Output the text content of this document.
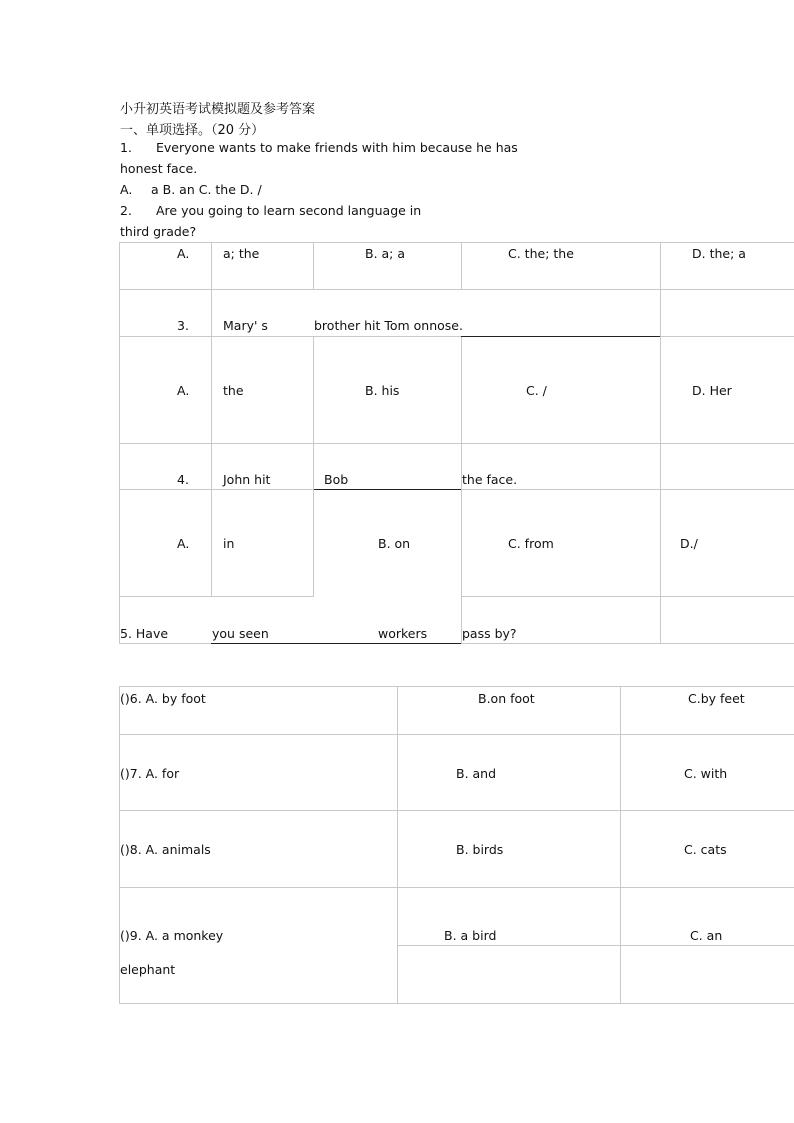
小升初英语考试模拟题及参考答案
一、单项选择。（20 分）
1. Everyone wants to make friends with him because he has
honest face.
A. a B. an C. the D. /
2. Are you going to learn second language in
third grade?
A.	a; the	B. a; a	C. the; the	D. the; a
3.	Mary' s	brother hit Tom onnose.
A.	the	B. his	C. /	D. Her
4.	John hit	Bob	the face.
A.	in	B. on	C. from	D./
5. Have	you seen	workers	pass by?
()6. A. by foot	B.on foot	C.by feet
()7. A. for	B. and	C. with
()8. A. animals	B. birds	C. cats
()9. A. a monkey	B. a bird	C. an
elephant
